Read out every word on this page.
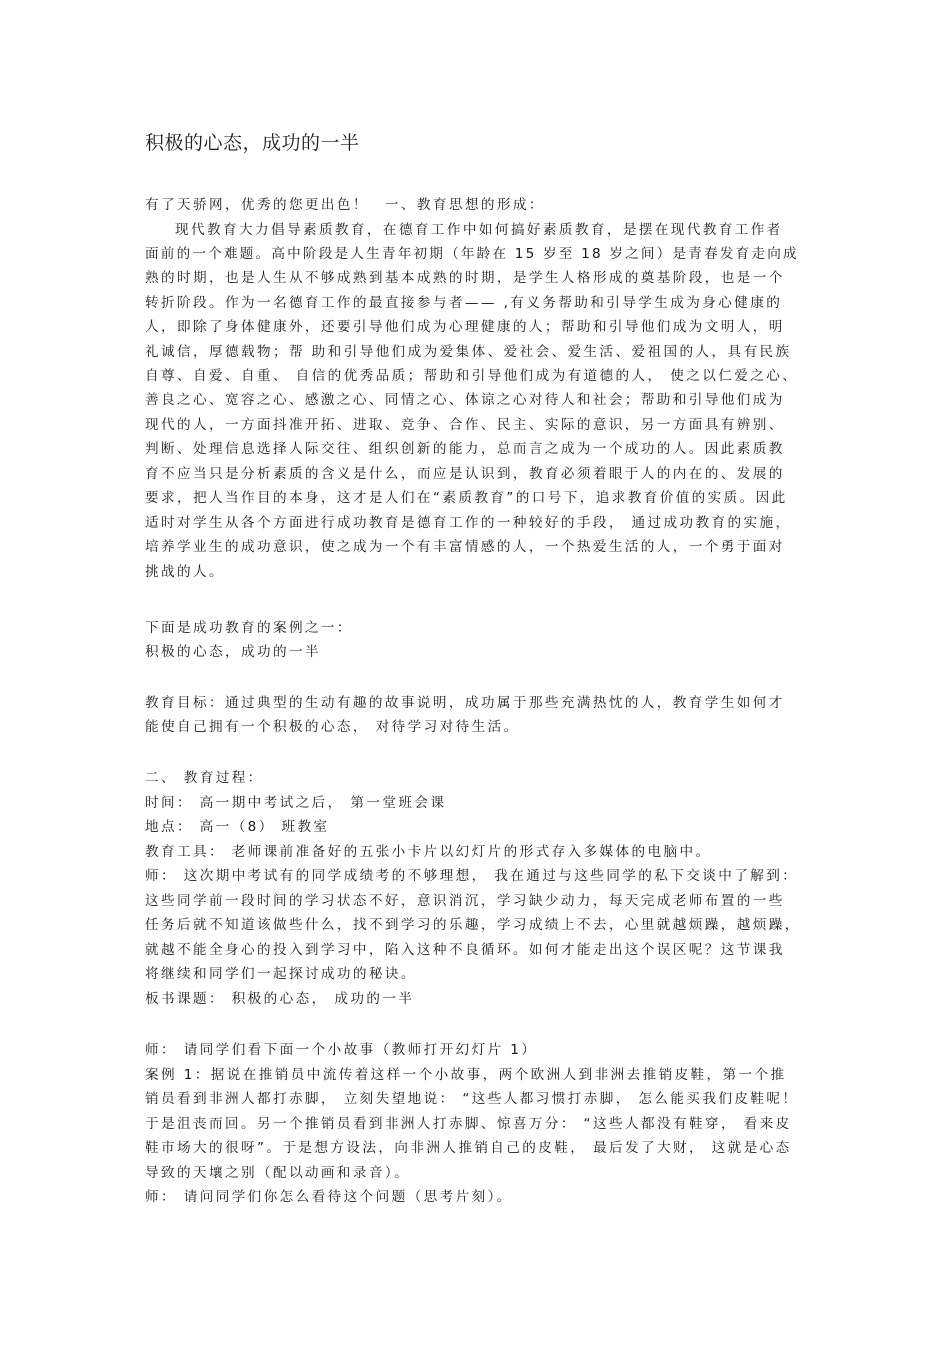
积极的心态，成功的一半
有了天骄网，优秀的您更出色！　一、教育思想的形成：
现代教育大力倡导素质教育，在德育工作中如何搞好素质教育，是摆在现代教育工作者
面前的一个难题。高中阶段是人生青年初期（年龄在 15 岁至 18 岁之间）是青春发育走向成
熟的时期，也是人生从不够成熟到基本成熟的时期，是学生人格形成的奠基阶段，也是一个
转折阶段。作为一名德育工作的最直接参与者—— ,有义务帮助和引导学生成为身心健康的
人，即除了身体健康外，还要引导他们成为心理健康的人；帮助和引导他们成为文明人，明
礼诚信，厚德载物；帮 助和引导他们成为爱集体、爱社会、爱生活、爱祖国的人，具有民族
自尊、自爱、自重、 自信的优秀品质；帮助和引导他们成为有道德的人， 使之以仁爱之心、
善良之心、宽容之心、感激之心、同情之心、体谅之心对待人和社会；帮助和引导他们成为
现代的人，一方面抖准开拓、进取、竞争、合作、民主、实际的意识，另一方面具有辨别、
判断、处理信息选择人际交往、组织创新的能力，总而言之成为一个成功的人。因此素质教
育不应当只是分析素质的含义是什么，而应是认识到，教育必须着眼于人的内在的、发展的
要求，把人当作目的本身，这才是人们在“素质教育”的口号下，追求教育价值的实质。因此
适时对学生从各个方面进行成功教育是德育工作的一种较好的手段， 通过成功教育的实施，
培养学业生的成功意识，使之成为一个有丰富情感的人，一个热爱生活的人，一个勇于面对
挑战的人。
下面是成功教育的案例之一：
积极的心态，成功的一半
教育目标：通过典型的生动有趣的故事说明，成功属于那些充满热忱的人，教育学生如何才
能使自己拥有一个积极的心态， 对待学习对待生活。
二、 教育过程：
时间： 高一期中考试之后， 第一堂班会课
地点： 高一（8） 班教室
教育工具： 老师课前准备好的五张小卡片以幻灯片的形式存入多媒体的电脑中。
师： 这次期中考试有的同学成绩考的不够理想， 我在通过与这些同学的私下交谈中了解到：
这些同学前一段时间的学习状态不好，意识消沉，学习缺少动力，每天完成老师布置的一些
任务后就不知道该做些什么，找不到学习的乐趣，学习成绩上不去，心里就越烦躁，越烦躁，
就越不能全身心的投入到学习中，陷入这种不良循环。如何才能走出这个误区呢？这节课我
将继续和同学们一起探讨成功的秘诀。
板书课题： 积极的心态， 成功的一半
师： 请同学们看下面一个小故事（教师打开幻灯片 1）
案例 1：据说在推销员中流传着这样一个小故事，两个欧洲人到非洲去推销皮鞋，第一个推
销员看到非洲人都打赤脚， 立刻失望地说： “这些人都习惯打赤脚， 怎么能买我们皮鞋呢！
于是沮丧而回。另一个推销员看到非洲人打赤脚、惊喜万分： “这些人都没有鞋穿， 看来皮
鞋市场大的很呀”。于是想方设法，向非洲人推销自己的皮鞋， 最后发了大财， 这就是心态
导致的天壤之别（配以动画和录音）。
师： 请问同学们你怎么看待这个问题（思考片刻）。
